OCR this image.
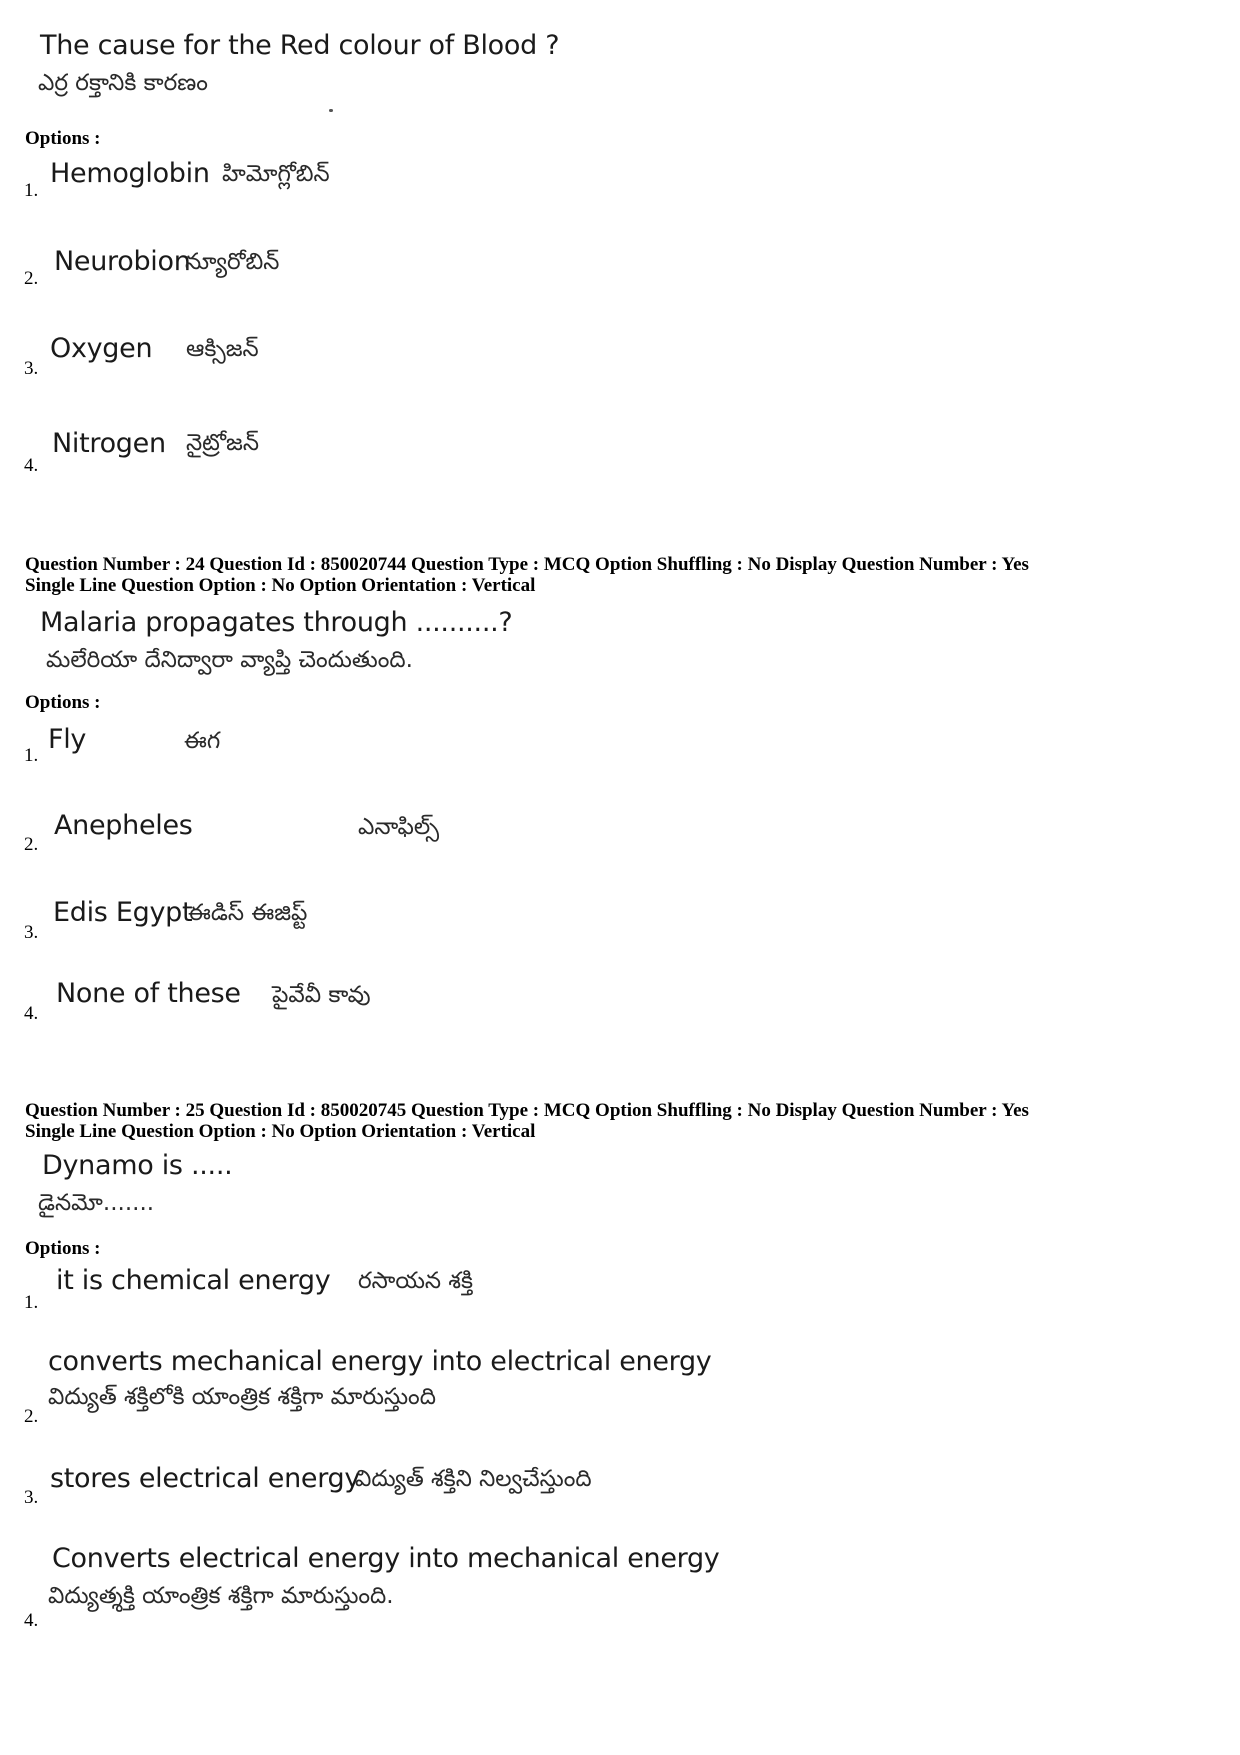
The cause for the Red colour of Blood ?
ఎర్ర రక్తానికి కారణం
Options :
1.
Hemoglobin హిమోగ్లోబిన్
2.
Neurobion
న్యూరోబిన్
3.
Oxygen ఆక్సిజన్
4.
Nitrogen నైట్రోజన్
Question Number : 24 Question Id : 850020744 Question Type : MCQ Option Shuffling : No Display Question Number : Yes
Single Line Question Option : No Option Orientation : Vertical
Malaria propagates through ..........?
మలేరియా దేనిద్వారా వ్యాప్తి చెందుతుంది.
Options :
1.
Fly	ఈగ
2.
Anepheles	ఎనాఫిల్స్
3.
Edis Egypt
ఈడిస్ ఈజిప్ట్
4.
None of these పైవేవీ కావు
Question Number : 25 Question Id : 850020745 Question Type : MCQ Option Shuffling : No Display Question Number : Yes
Single Line Question Option : No Option Orientation : Vertical
Dynamo is .....
డైనమో.......
Options :
1.
it is chemical energy రసాయన శక్తి
2.
converts mechanical energy into electrical energy
విద్యుత్ శక్తిలోకి యాంత్రిక శక్తిగా మారుస్తుంది
3.
stores electrical energy
విద్యుత్ శక్తిని నిల్వచేస్తుంది
4.
Converts electrical energy into mechanical energy
విద్యుత్శక్తి యాంత్రిక శక్తిగా మారుస్తుంది.
